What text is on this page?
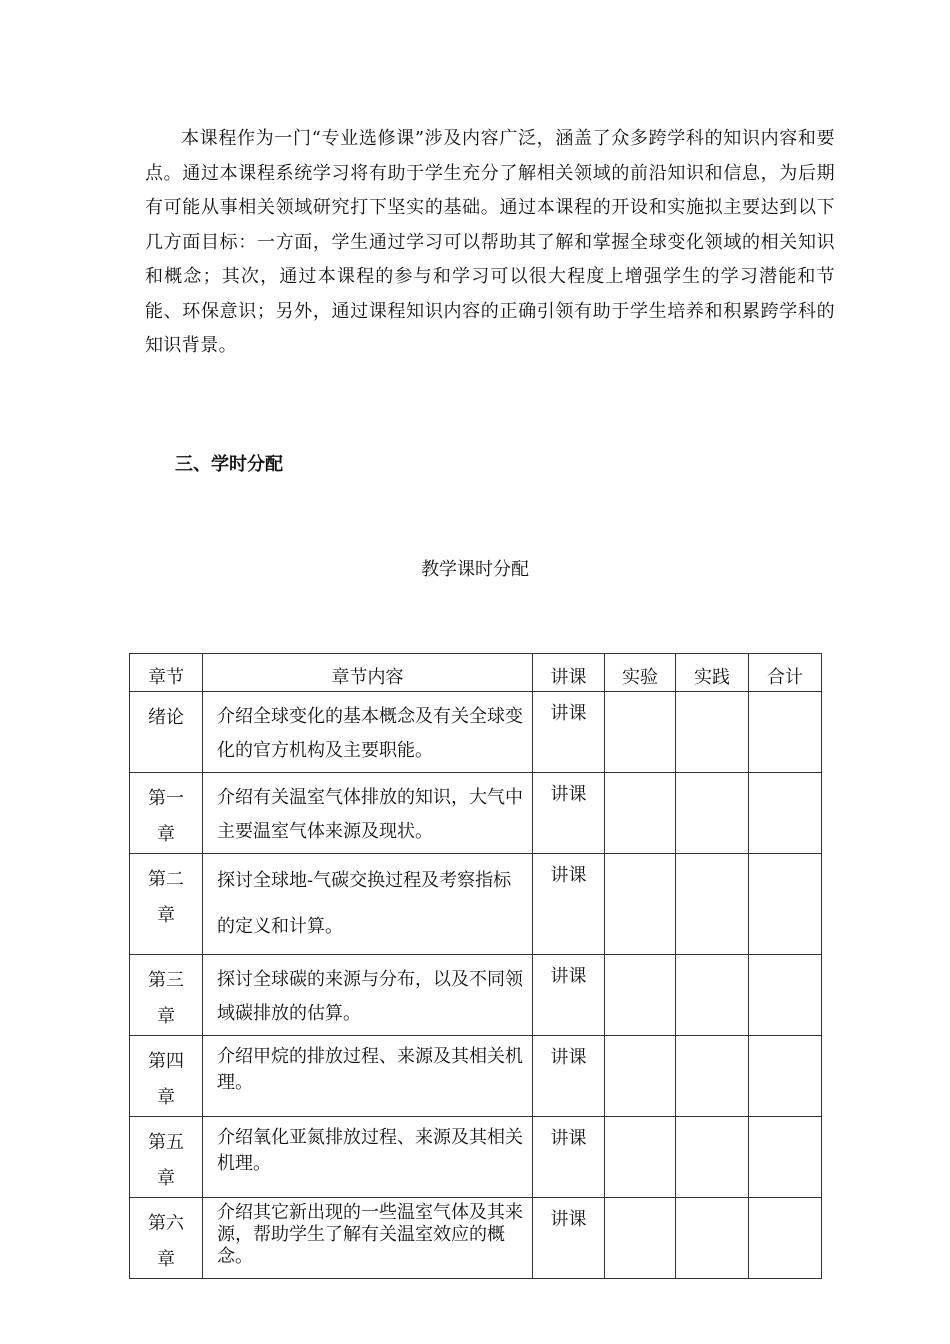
本课程作为一门“专业选修课”涉及内容广泛，涵盖了众多跨学科的知识内容和要点。通过本课程系统学习将有助于学生充分了解相关领域的前沿知识和信息，为后期有可能从事相关领域研究打下坚实的基础。通过本课程的开设和实施拟主要达到以下几方面目标：一方面，学生通过学习可以帮助其了解和掌握全球变化领域的相关知识和概念；其次，通过本课程的参与和学习可以很大程度上增强学生的学习潜能和节能、环保意识；另外，通过课程知识内容的正确引领有助于学生培养和积累跨学科的知识背景。

三、学时分配

教学课时分配

章节	章节内容	讲课	实验	实践	合计
绪论	介绍全球变化的基本概念及有关全球变化的官方机构及主要职能。	讲课			

第一章	介绍有关温室气体排放的知识，大气中主要温室气体来源及现状。	讲课			

第二章	探讨全球地-气碳交换过程及考察指标的定义和计算。	讲课			

第三章	探讨全球碳的来源与分布，以及不同领域碳排放的估算。	讲课			

第四章	介绍甲烷的排放过程、来源及其相关机理。	讲课			

第五章	介绍氧化亚氮排放过程、来源及其相关机理。	讲课			

第六章	介绍其它新出现的一些温室气体及其来源，帮助学生了解有关温室效应的概念。	讲课			
